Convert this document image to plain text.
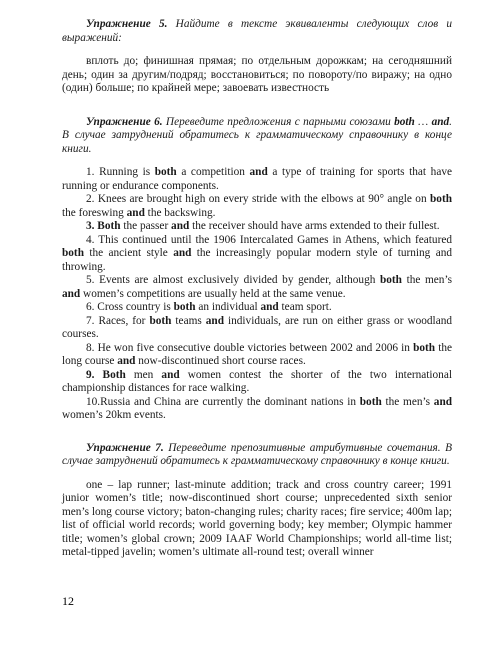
Упражнение 5. Найдите в тексте эквиваленты следующих слов и выражений:

вплоть до; финишная прямая; по отдельным дорожкам; на сегодняшний день; один за другим/подряд; восстановиться; по повороту/по виражу; на одно (один) больше; по крайней мере; завоевать известность

Упражнение 6. Переведите предложения с парными союзами both … and. В случае затруднений обратитесь к грамматическому справочнику в конце книги.

1. Running is both a competition and a type of training for sports that have running or endurance components.

2. Knees are brought high on every stride with the elbows at 90° angle on both the foreswing and the backswing.

3. Both the passer and the receiver should have arms extended to their fullest.

4. This continued until the 1906 Intercalated Games in Athens, which featured both the ancient style and the increasingly popular modern style of turning and throwing.

5. Events are almost exclusively divided by gender, although both the men’s and women’s competitions are usually held at the same venue.

6. Cross country is both an individual and team sport.

7. Races, for both teams and individuals, are run on either grass or woodland courses.

8. He won five consecutive double victories between 2002 and 2006 in both the long course and now-discontinued short course races.

9. Both men and women contest the shorter of the two international championship distances for race walking.

10.Russia and China are currently the dominant nations in both the men’s and women’s 20km events.

Упражнение 7. Переведите препозитивные атрибутивные сочетания. В случае затруднений обратитесь к грамматическому справочнику в конце книги.

one – lap runner; last-minute addition; track and cross country career; 1991 junior women’s title; now-discontinued short course; unprecedented sixth senior men’s long course victory; baton-changing rules; charity races; fire service; 400m lap; list of official world records; world governing body; key member; Olympic hammer title; women’s global crown; 2009 IAAF World Championships; world all-time list; metal-tipped javelin; women’s ultimate all-round test; overall winner

12
